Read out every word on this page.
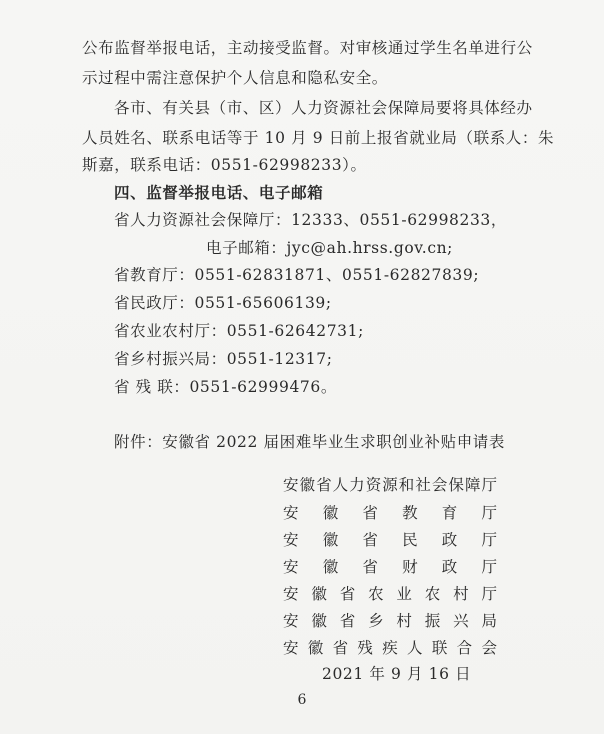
公布监督举报电话，主动接受监督。对审核通过学生名单进行公
示过程中需注意保护个人信息和隐私安全。
各市、有关县（市、区）人力资源社会保障局要将具体经办
人员姓名、联系电话等于 10 月 9 日前上报省就业局（联系人：朱
斯嘉，联系电话：0551-62998233）。
四、监督举报电话、电子邮箱
省人力资源社会保障厅：12333、0551-62998233，
电子邮箱：jyc@ah.hrss.gov.cn;
省教育厅：0551-62831871、0551-62827839;
省民政厅：0551-65606139;
省农业农村厅：0551-62642731;
省乡村振兴局：0551-12317;
省 残 联：0551-62999476。
附件：安徽省 2022 届困难毕业生求职创业补贴申请表
安徽省人力资源和社会保障厅
安徽省教育厅
安徽省民政厅
安徽省财政厅
安徽省农业农村厅
安徽省乡村振兴局
安徽省残疾人联合会
2021 年 9 月 16 日
6
